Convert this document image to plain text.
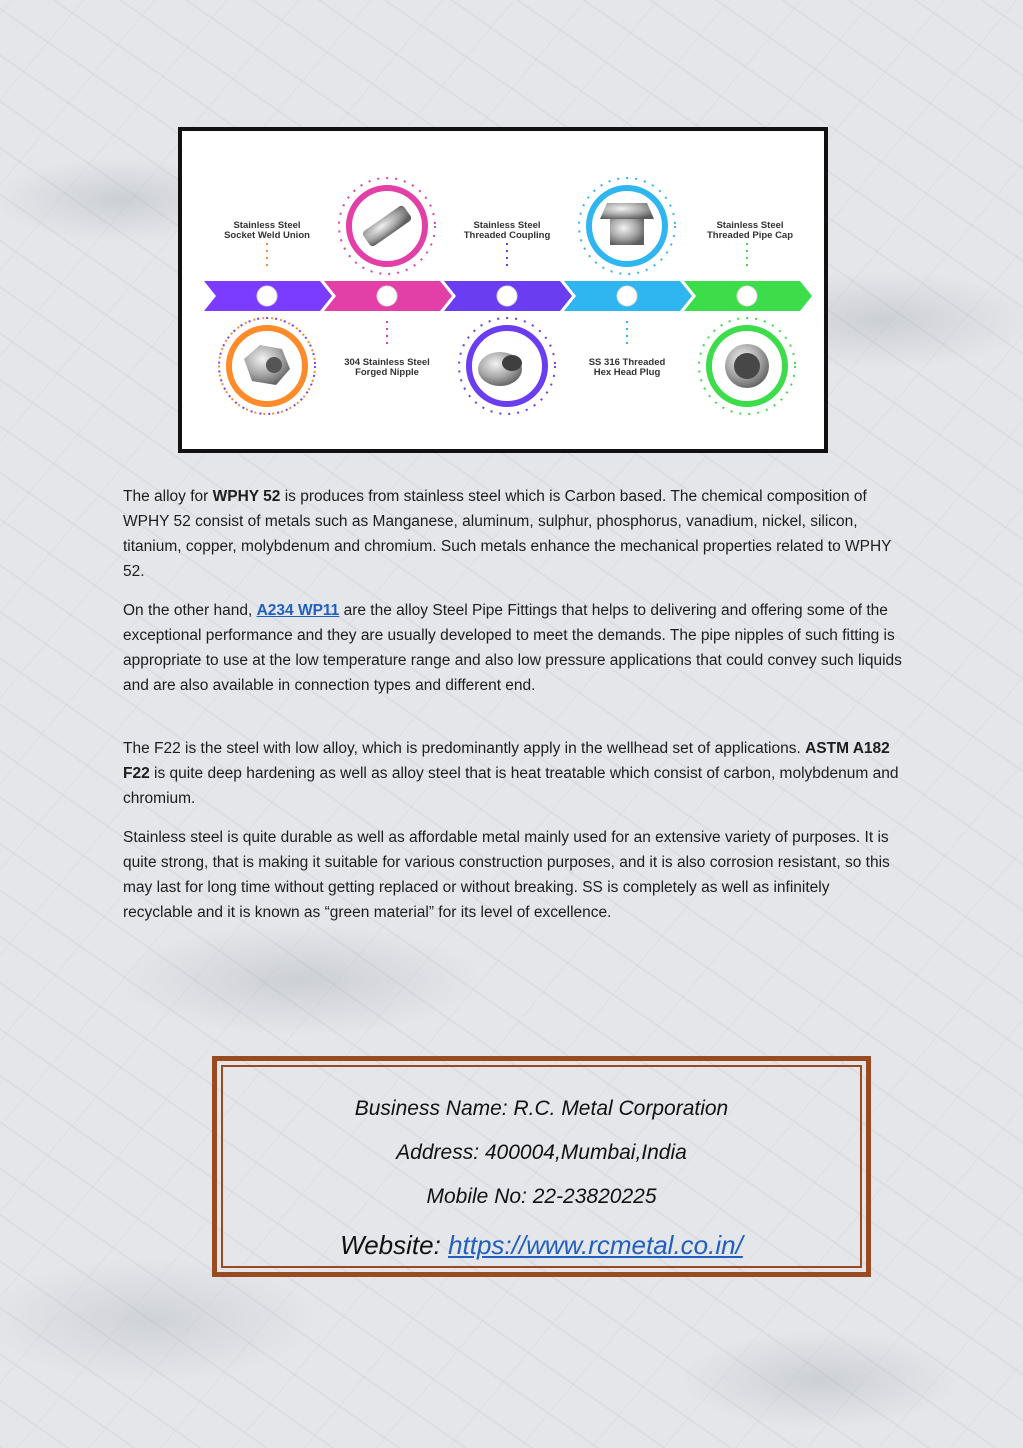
Stainless Steel
Socket Weld Union
Stainless Steel
Threaded Coupling
Stainless Steel
Threaded Pipe Cap
304 Stainless Steel
Forged Nipple
SS 316 Threaded
Hex Head Plug

The alloy for WPHY 52 is produces from stainless steel which is Carbon based. The chemical composition of WPHY 52 consist of metals such as Manganese, aluminum, sulphur, phosphorus, vanadium, nickel, silicon, titanium, copper, molybdenum and chromium. Such metals enhance the mechanical properties related to WPHY 52.

On the other hand, A234 WP11 are the alloy Steel Pipe Fittings that helps to delivering and offering some of the exceptional performance and they are usually developed to meet the demands. The pipe nipples of such fitting is appropriate to use at the low temperature range and also low pressure applications that could convey such liquids and are also available in connection types and different end.

The F22 is the steel with low alloy, which is predominantly apply in the wellhead set of applications. ASTM A182 F22 is quite deep hardening as well as alloy steel that is heat treatable which consist of carbon, molybdenum and chromium.

Stainless steel is quite durable as well as affordable metal mainly used for an extensive variety of purposes. It is quite strong, that is making it suitable for various construction purposes, and it is also corrosion resistant, so this may last for long time without getting replaced or without breaking. SS is completely as well as infinitely recyclable and it is known as “green material” for its level of excellence.

Business Name: R.C. Metal Corporation
Address: 400004,Mumbai,India
Mobile No: 22-23820225
Website: https://www.rcmetal.co.in/
